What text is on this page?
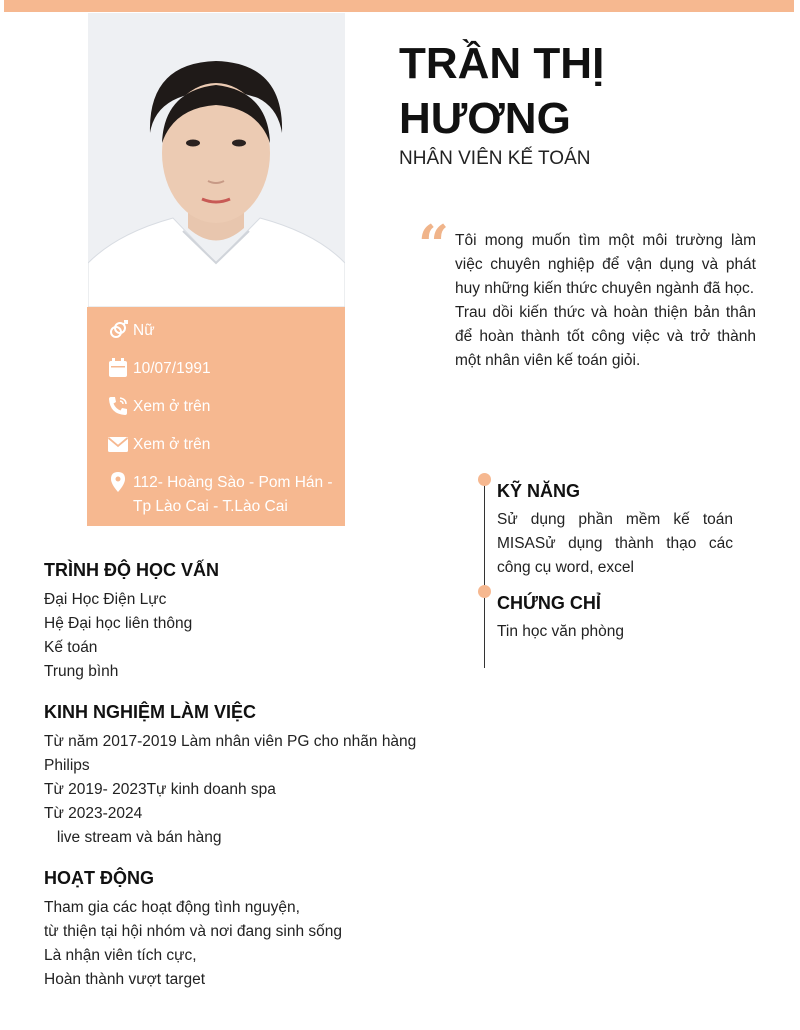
Nữ
10/07/1991
Xem ở trên
Xem ở trên
112- Hoàng Sào - Pom Hán - Tp Lào Cai - T.Lào Cai
TRẦN THỊ HƯƠNG
NHÂN VIÊN KẾ TOÁN
“ Tôi mong muốn tìm một môi trường làm việc chuyên nghiệp để vận dụng và phát huy những kiến thức chuyên ngành đã học.

Trau dồi kiến thức và hoàn thiện bản thân để hoàn thành tốt công việc và trở thành một nhân viên kế toán giỏi.

KỸ NĂNG
Sử dụng phần mềm kế toán MISASử dụng thành thạo các công cụ word, excel
CHỨNG CHỈ
Tin học văn phòng
TRÌNH ĐỘ HỌC VẤN
Đại Học Điện Lực
Hệ Đại học liên thông
Kế toán
Trung bình
KINH NGHIỆM LÀM VIỆC
Từ năm 2017-2019 Làm nhân viên PG cho nhãn hàng
Philips
Từ 2019- 2023Tự kinh doanh spa
Từ 2023-2024
live stream và bán hàng
HOẠT ĐỘNG
Tham gia các hoạt động tình nguyện,
từ thiện tại hội nhóm và nơi đang sinh sống
Là nhận viên tích cực,
Hoàn thành vượt target
